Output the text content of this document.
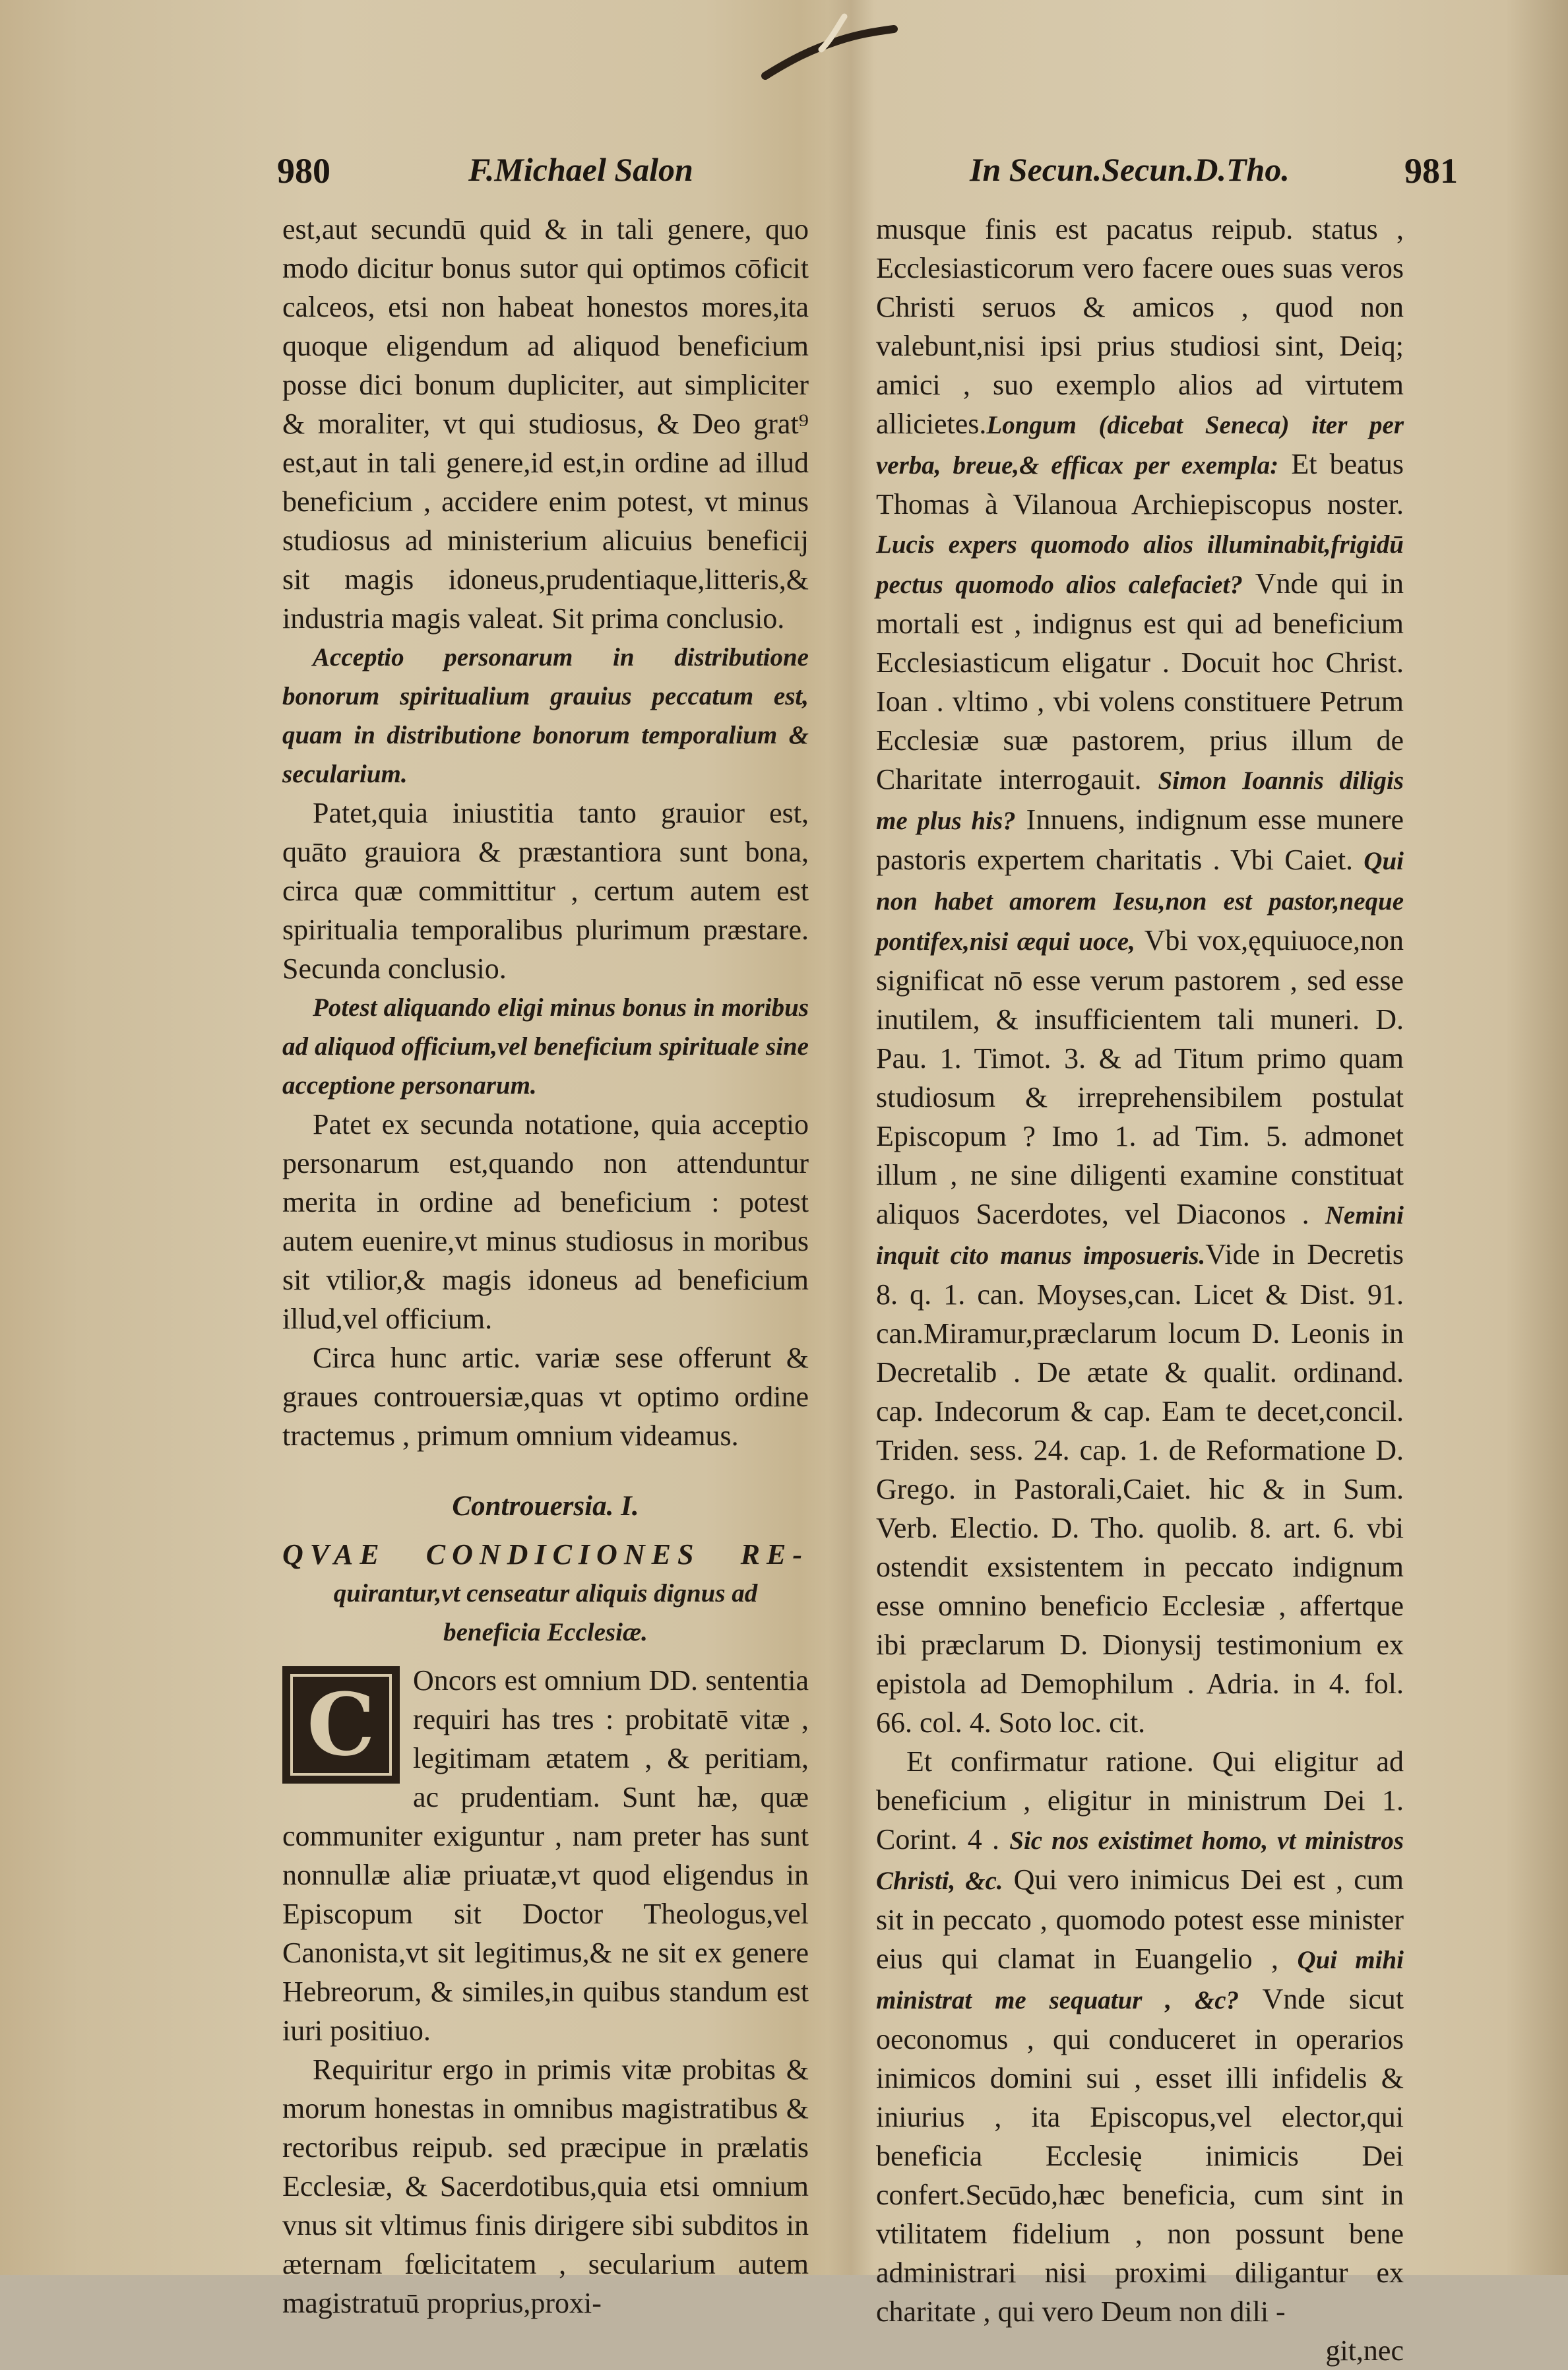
980	F.Michael Salon	In Secun.Secun.D.Tho.	981

est,aut secundū quid & in tali genere, quo modo dicitur bonus sutor qui optimos cōficit calceos, etsi non habeat honestos mores,ita quoque eligendum ad aliquod beneficium posse dici bonum dupliciter, aut simpliciter & moraliter, vt qui studiosus, & Deo grat⁹ est,aut in tali genere,id est,in ordine ad illud beneficium , accidere enim potest, vt minus studiosus ad ministerium alicuius beneficij sit magis idoneus,prudentiaque,litteris,& industria magis valeat. Sit prima conclusio.

Acceptio personarum in distributione bonorum spiritualium grauius peccatum est, quam in distributione bonorum temporalium & secularium.

Patet,quia iniustitia tanto grauior est, quāto grauiora & præstantiora sunt bona, circa quæ committitur , certum autem est spiritualia temporalibus plurimum præstare. Secunda conclusio.

Potest aliquando eligi minus bonus in moribus ad aliquod officium,vel beneficium spirituale sine acceptione personarum.

Patet ex secunda notatione, quia acceptio personarum est,quando non attenduntur merita in ordine ad beneficium : potest autem euenire,vt minus studiosus in moribus sit vtilior,& magis idoneus ad beneficium illud,vel officium.

Circa hunc artic. variæ sese offerunt & graues controuersiæ,quas vt optimo ordine tractemus , primum omnium videamus.

Controuersia. I.

QVAE CONDICIONES RE-

quirantur,vt censeatur aliquis dignus ad beneficia Ecclesiæ.

C	Oncors est omnium DD. sententia requiri has tres : probitatē vitæ , legitimam ætatem , & peritiam, ac prudentiam. Sunt hæ, quæ communiter exiguntur , nam preter has sunt nonnullæ aliæ priuatæ,vt quod eligendus in Episcopum sit Doctor Theologus,vel Canonista,vt sit legitimus,& ne sit ex genere Hebreorum, & similes,in quibus standum est iuri positiuo.

Requiritur ergo in primis vitæ probitas & morum honestas in omnibus magistratibus & rectoribus reipub. sed præcipue in prælatis Ecclesiæ, & Sacerdotibus,quia etsi omnium vnus sit vltimus finis dirigere sibi subditos in æternam fœlicitatem , secularium autem magistratuū proprius,proxi-

musque finis est pacatus reipub. status , Ecclesiasticorum vero facere oues suas veros Christi seruos & amicos , quod non valebunt,nisi ipsi prius studiosi sint, Deiq; amici , suo exemplo alios ad virtutem allicietes.Longum (dicebat Seneca) iter per verba, breue,& efficax per exempla: Et beatus Thomas à Vilanoua Archiepiscopus noster. Lucis expers quomodo alios illuminabit,frigidū pectus quomodo alios calefaciet? Vnde qui in mortali est , indignus est qui ad beneficium Ecclesiasticum eligatur . Docuit hoc Christ. Ioan . vltimo , vbi volens constituere Petrum Ecclesiæ suæ pastorem, prius illum de Charitate interrogauit. Simon Ioannis diligis me plus his? Innuens, indignum esse munere pastoris expertem charitatis . Vbi Caiet. Qui non habet amorem Iesu,non est pastor,neque pontifex,nisi æqui uoce, Vbi vox,ęquiuoce,non significat nō esse verum pastorem , sed esse inutilem, & insufficientem tali muneri. D. Pau. 1. Timot. 3. & ad Titum primo quam studiosum & irreprehensibilem postulat Episcopum ? Imo 1. ad Tim. 5. admonet illum , ne sine diligenti examine constituat aliquos Sacerdotes, vel Diaconos . Nemini inquit cito manus imposueris.Vide in Decretis 8. q. 1. can. Moyses,can. Licet & Dist. 91. can.Miramur,præclarum locum D. Leonis in Decretalib . De ætate & qualit. ordinand. cap. Indecorum & cap. Eam te decet,concil. Triden. sess. 24. cap. 1. de Reformatione D. Grego. in Pastorali,Caiet. hic & in Sum. Verb. Electio. D. Tho. quolib. 8. art. 6. vbi ostendit exsistentem in peccato indignum esse omnino beneficio Ecclesiæ , affertque ibi præclarum D. Dionysij testimonium ex epistola ad Demophilum . Adria. in 4. fol. 66. col. 4. Soto loc. cit.

Et confirmatur ratione. Qui eligitur ad beneficium , eligitur in ministrum Dei 1. Corint. 4 . Sic nos existimet homo, vt ministros Christi, &c. Qui vero inimicus Dei est , cum sit in peccato , quomodo potest esse minister eius qui clamat in Euangelio , Qui mihi ministrat me sequatur , &c? Vnde sicut oeconomus , qui conduceret in operarios inimicos domini sui , esset illi infidelis & iniurius , ita Episcopus,vel elector,qui beneficia Ecclesię inimicis Dei confert.Secūdo,hæc beneficia, cum sint in vtilitatem fidelium , non possunt bene administrari nisi proximi diligantur ex charitate , qui vero Deum non dili -

git,nec
